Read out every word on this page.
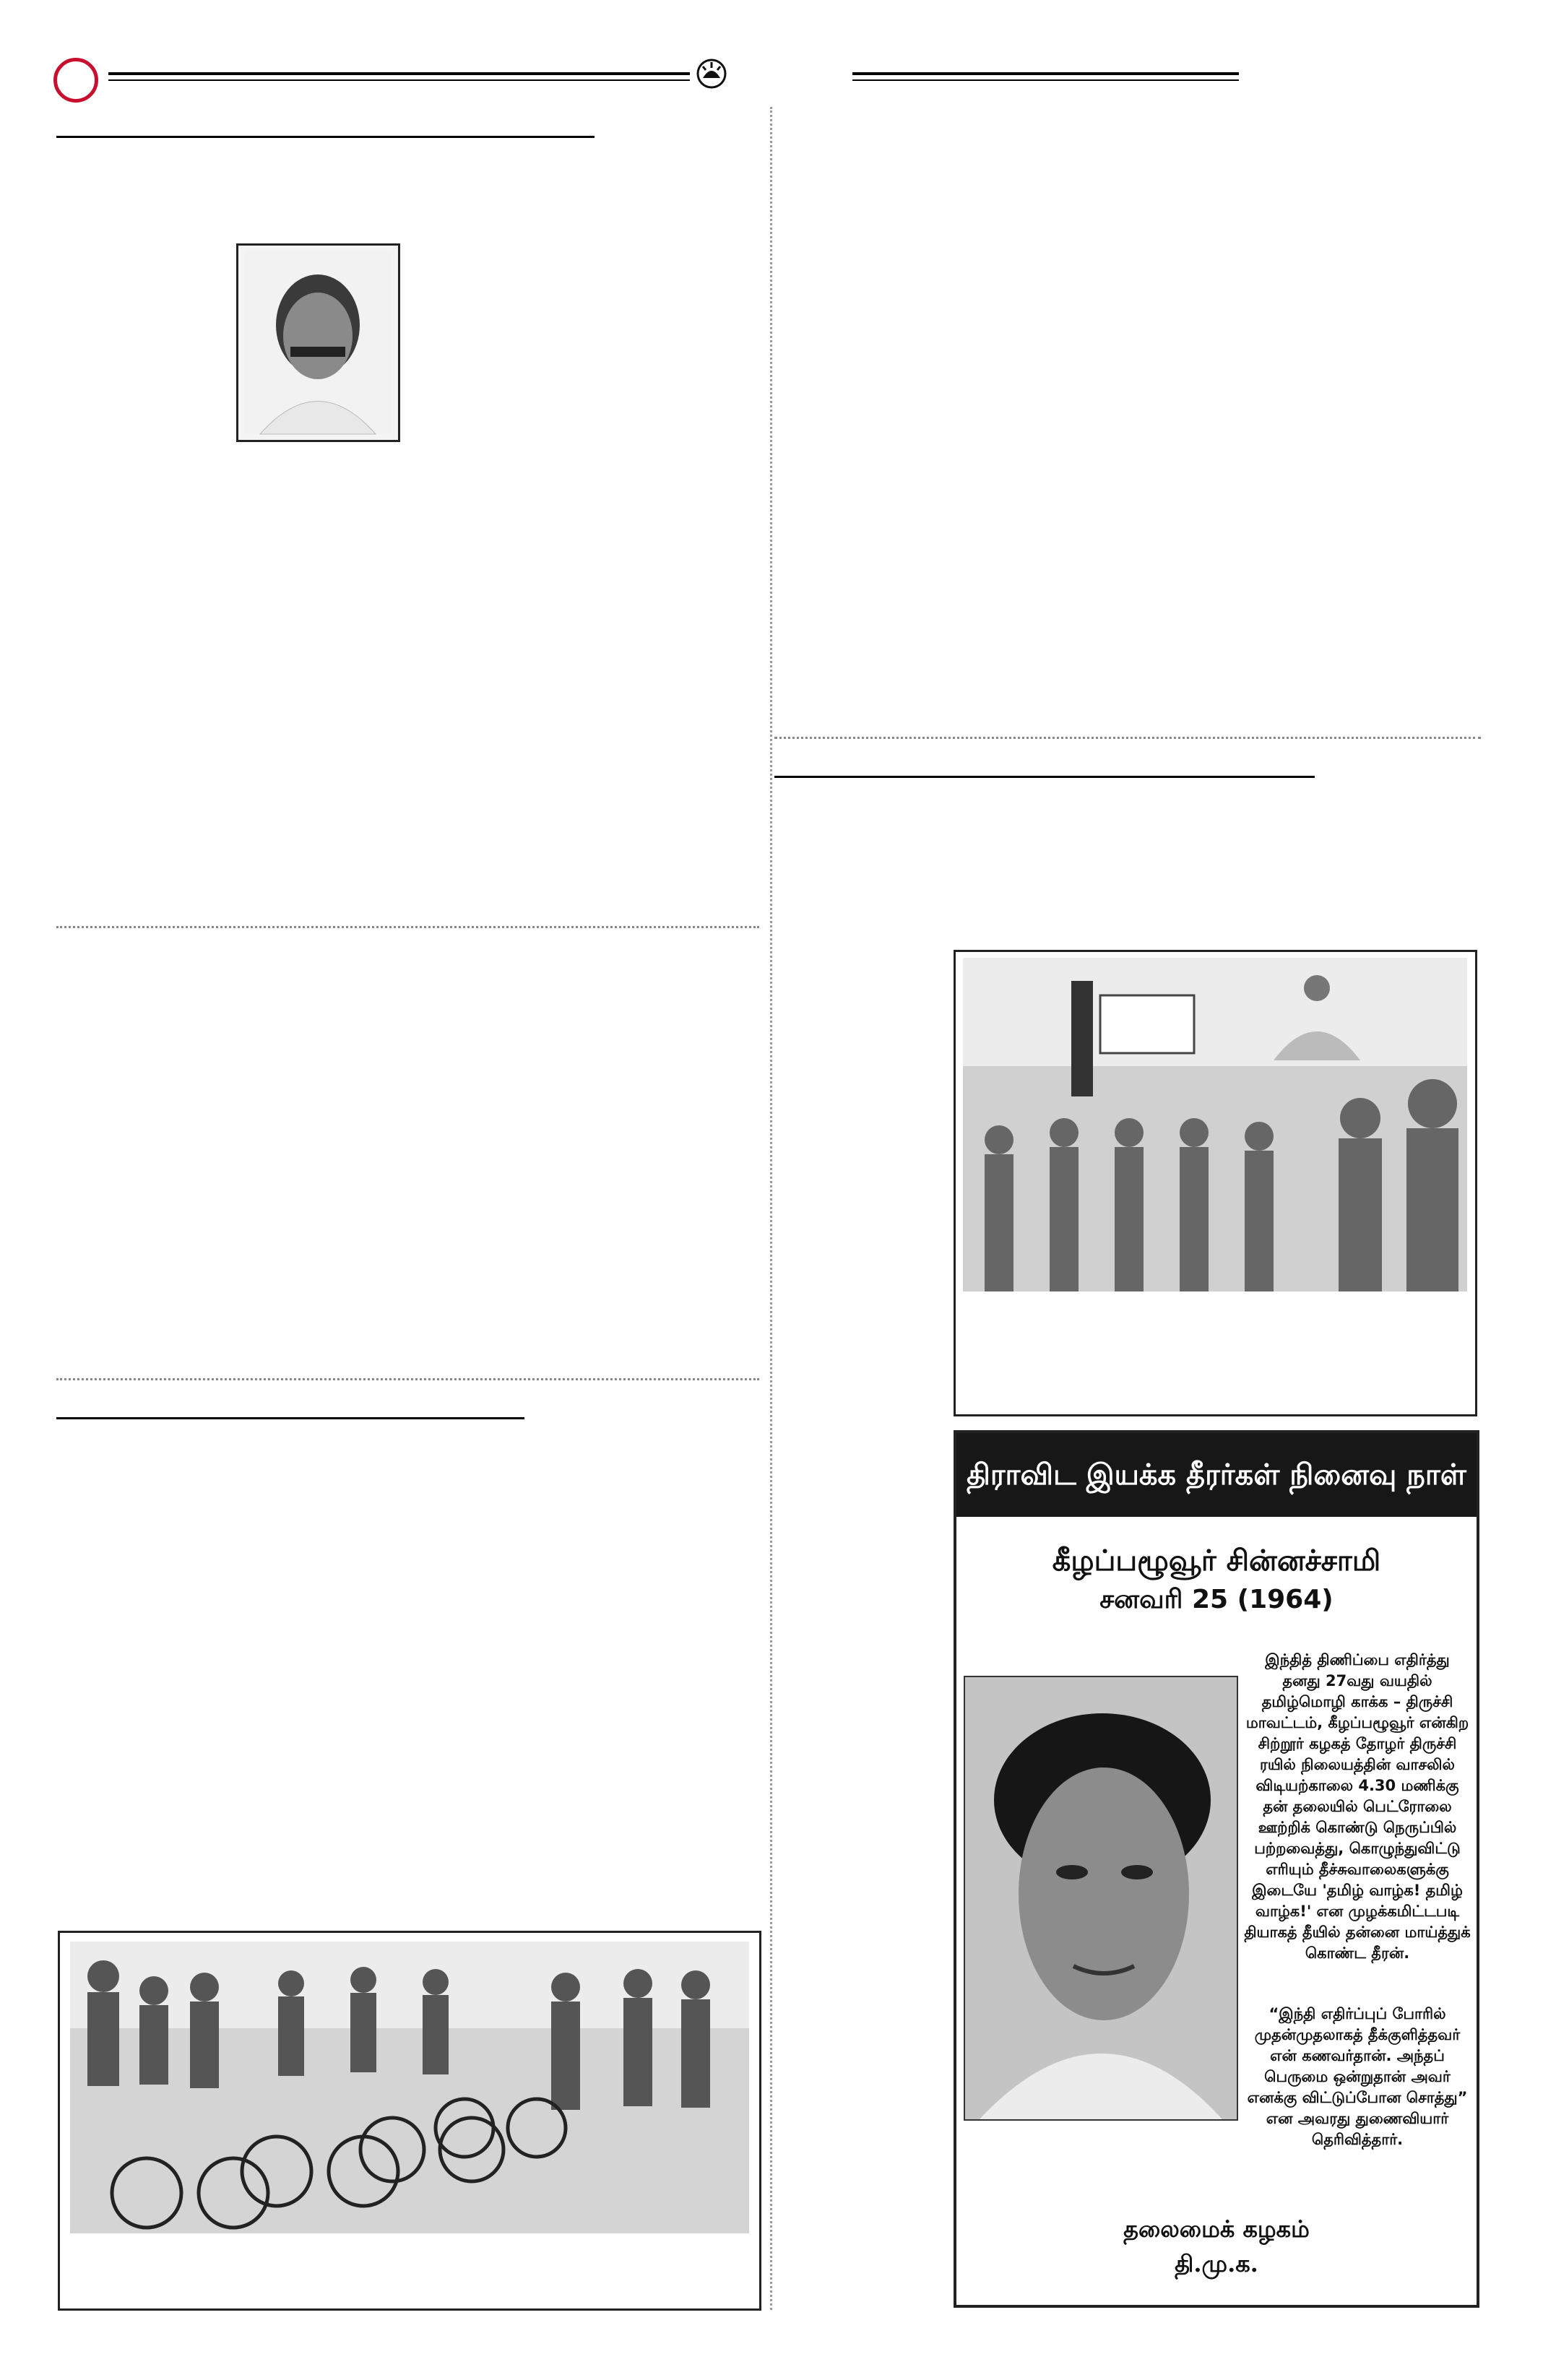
திராவிட இயக்க தீரர்கள் நினைவு நாள்
கீழப்பழூவூர் சின்னச்சாமி
சனவரி 25 (1964)
இந்தித் திணிப்பை எதிர்த்து தனது 27வது வயதில் தமிழ்மொழி காக்க – திருச்சி மாவட்டம், கீழப்பழூவூர் என்கிற சிற்றூர் கழகத் தோழர் திருச்சி ரயில் நிலையத்தின் வாசலில் விடியற்காலை 4.30 மணிக்கு தன் தலையில் பெட்ரோலை ஊற்றிக் கொண்டு நெருப்பில் பற்றவைத்து, கொழுந்துவிட்டு எரியும் தீச்சுவாலைகளுக்கு இடையே 'தமிழ் வாழ்க! தமிழ் வாழ்க!' என முழக்கமிட்டபடி தியாகத் தீயில் தன்னை மாய்த்துக் கொண்ட தீரன்.
“இந்தி எதிர்ப்புப் போரில் முதன்முதலாகத் தீக்குளித்தவர் என் கணவர்தான். அந்தப் பெருமை ஒன்றுதான் அவர் எனக்கு விட்டுப்போன சொத்து” என அவரது துணைவியார் தெரிவித்தார்.
தலைமைக் கழகம்
தி.மு.க.
